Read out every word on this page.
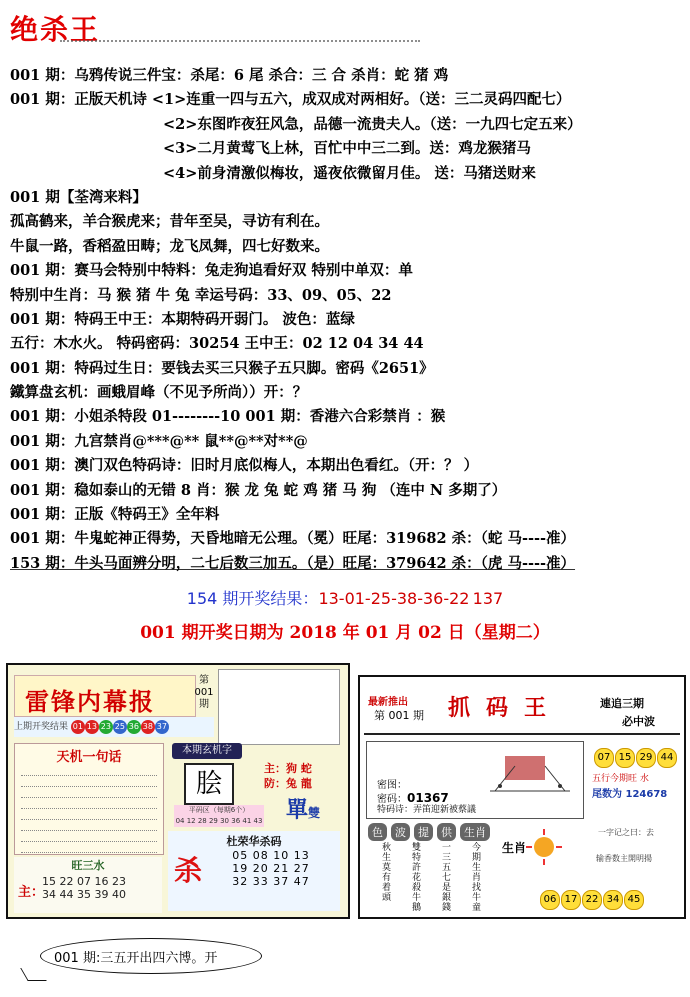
绝杀王
001 期：乌鸦传说三件宝：杀尾：6 尾 杀合：三 合 杀肖：蛇 猪 鸡
001 期：正版天机诗 <1>连重一四与五六，成双成对两相好。（送：三二灵码四配七）
<2>东图昨夜狂风急，品德一流贵夫人。（送：一九四七定五来）
<3>二月黄莺飞上林，百忙中中三二到。送：鸡龙猴猪马
<4>前身清激似梅妆，遥夜依微留月佳。 送：马猪送财来
001 期【荃湾来料】
孤高鹤来，羊合猴虎来；昔年至吴，寻访有利在。
牛鼠一路，香稻盈田畴；龙飞凤舞，四七好数来。
001 期：赛马会特别中特料：兔走狗追看好双 特别中单双：单
特别中生肖：马 猴 猪 牛 兔 幸运号码：33、09、05、22
001 期：特码王中王：本期特码开弱门。 波色：蓝绿
五行：木水火。 特码密码：30254 王中王：02 12 04 34 44
001 期：特码过生日：要钱去买三只猴子五只脚。密码《2651》
鐵算盘玄机：画蛾眉峰（不见予所尚））开：？
001 期：小姐杀特段 01--------10 001 期：香港六合彩禁肖 ：猴
001 期：九宫禁肖@***@** 鼠**@**对**@
001 期：澳门双色特码诗：旧时月底似梅人，本期出色看红。（开：？ ）
001 期：稳如泰山的无错 8 肖：猴 龙 兔 蛇 鸡 猪 马 狗 （连中 N 多期了）
001 期：正版《特码王》全年料
001 期：牛鬼蛇神正得势，天昏地暗无公理。（冕）旺尾：319682 杀：（蛇 马----准）
153 期：牛头马面辨分明，二七后数三加五。（是）旺尾：379642 杀：（虎 马----准）
154 期开奖结果：13-01-25-38-36-22 137
001 期开奖日期为 2018 年 01 月 02 日（星期二）
雷锋内幕报
第
001
期
上期开奖结果 01 13 23 25 36 38 37
天机一句话	本期玄机字
脍
主：狗 蛇
防：兔 龍
單雙
平码区（每期6个）
04 12 28 29 30 36 41 43
杜荣华杀码
杀	05 08 10 13
19 20 21 27
32 33 37 47
旺三水
主：
15 22 07 16 23
34 44 35 39 40
最新推出
第 001 期 抓码王	連追三期
必中波
密图：
密码：01367
特码诗：弄笛迎新被蔡議
07 15 29 44
五行今期旺 水
尾数为 124678
色 波 提 供 生肖
秋生莫有着頭
雙特許花殺牛鵝
一三五七是銀錢
今期生肖找牛童
生肖
一字记之曰：去
输香数主開明揚
06 17 22 34 45
001 期:三五开出四六博。开
